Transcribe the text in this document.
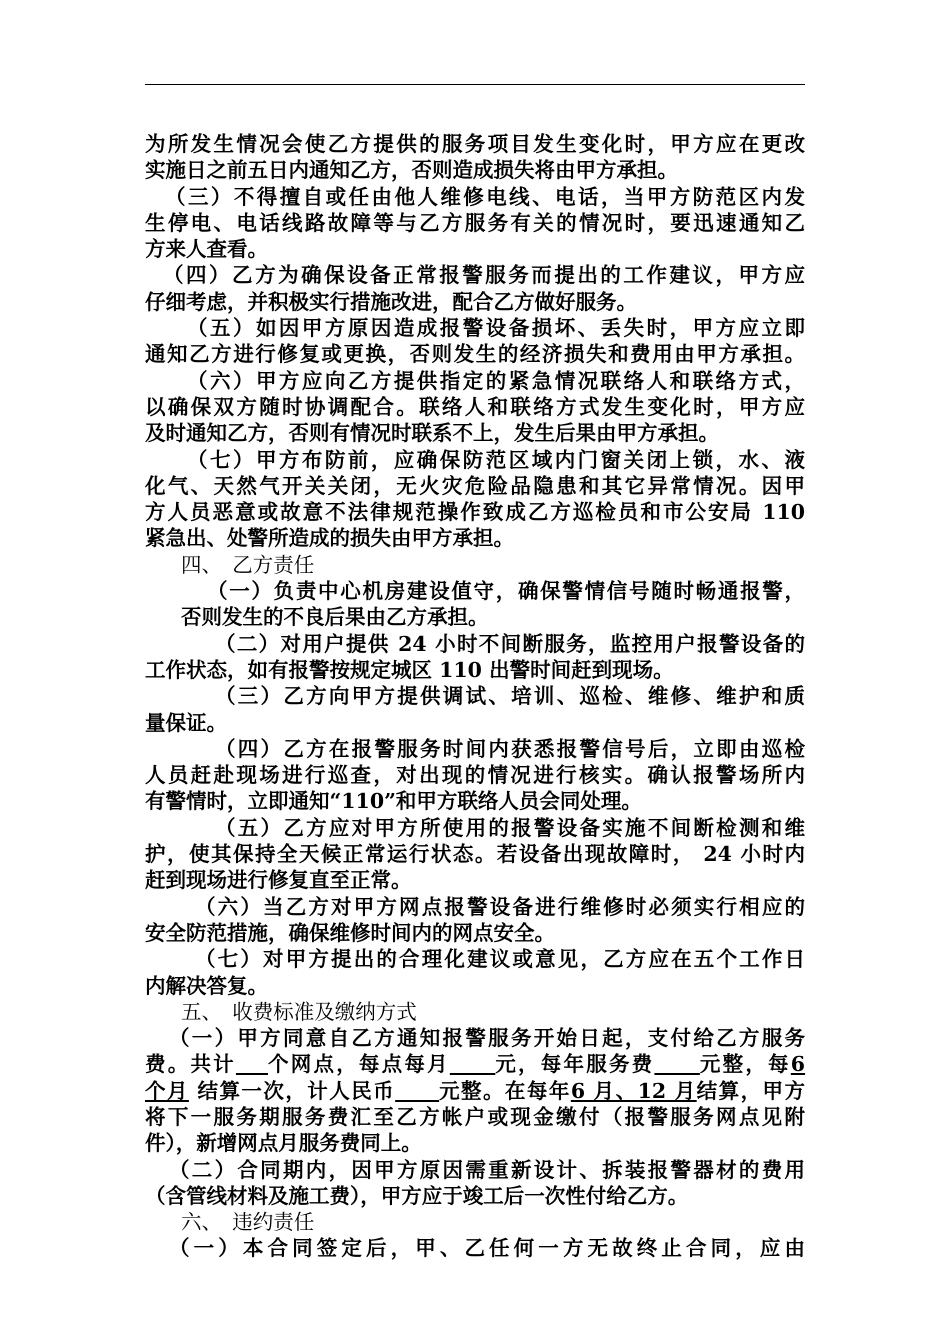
为所发生情况会使乙方提供的服务项目发生变化时，甲方应在更改
实施日之前五日内通知乙方，否则造成损失将由甲方承担。
（三）不得擅自或任由他人维修电线、电话，当甲方防范区内发
生停电、电话线路故障等与乙方服务有关的情况时，要迅速通知乙
方来人查看。
（四）乙方为确保设备正常报警服务而提出的工作建议，甲方应
仔细考虑，并积极实行措施改进，配合乙方做好服务。
（五）如因甲方原因造成报警设备损坏、丢失时，甲方应立即
通知乙方进行修复或更换，否则发生的经济损失和费用由甲方承担。
（六）甲方应向乙方提供指定的紧急情况联络人和联络方式，
以确保双方随时协调配合。联络人和联络方式发生变化时，甲方应
及时通知乙方，否则有情况时联系不上，发生后果由甲方承担。
（七）甲方布防前，应确保防范区域内门窗关闭上锁，水、液
化气、天然气开关关闭，无火灾危险品隐患和其它异常情况。因甲
方人员恶意或故意不法律规范操作致成乙方巡检员和市公安局 110
紧急出、处警所造成的损失由甲方承担。
四、　乙方责任
（一）负责中心机房建设值守，确保警情信号随时畅通报警，
否则发生的不良后果由乙方承担。
（二）对用户提供 24 小时不间断服务，监控用户报警设备的
工作状态，如有报警按规定城区 110 出警时间赶到现场。
（三）乙方向甲方提供调试、培训、巡检、维修、维护和质
量保证。
（四）乙方在报警服务时间内获悉报警信号后，立即由巡检
人员赶赴现场进行巡查，对出现的情况进行核实。确认报警场所内
有警情时，立即通知“110”和甲方联络人员会同处理。
（五）乙方应对甲方所使用的报警设备实施不间断检测和维
护，使其保持全天候正常运行状态。若设备出现故障时， 24 小时内
赶到现场进行修复直至正常。
（六）当乙方对甲方网点报警设备进行维修时必须实行相应的
安全防范措施，确保维修时间内的网点安全。
（七）对甲方提出的合理化建议或意见，乙方应在五个工作日
内解决答复。
五、　收费标准及缴纳方式
（一）甲方同意自乙方通知报警服务开始日起，支付给乙方服务
费。共计　 个网点，每点每月　　 元，每年服务费　　 元整，每6
个月 结算一次，计人民币　　 元整。在每年6 月、12 月结算，甲方
将下一服务期服务费汇至乙方帐户或现金缴付（报警服务网点见附
件），新增网点月服务费同上。
（二）合同期内，因甲方原因需重新设计、拆装报警器材的费用
（含管线材料及施工费），甲方应于竣工后一次性付给乙方。
六、　违约责任
（一）本合同签定后，甲、乙任何一方无故终止合同，应由
